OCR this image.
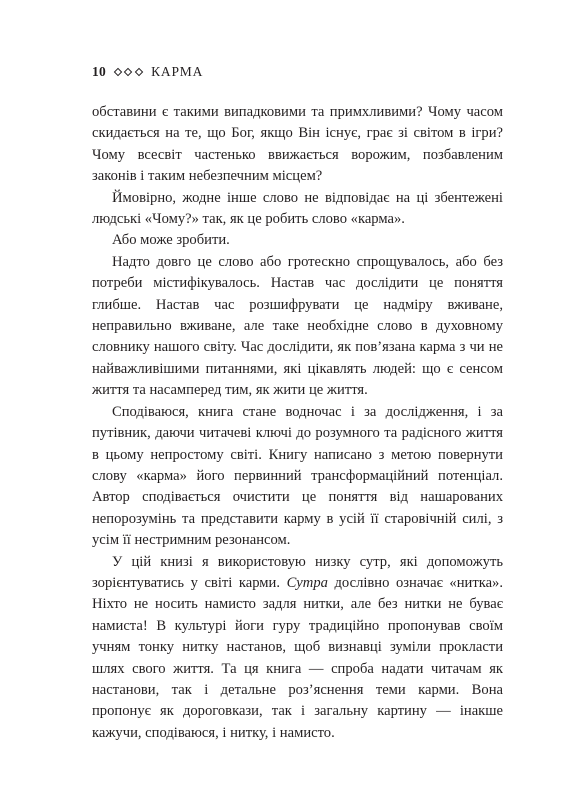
10	КАРМА

обставини є такими випадковими та примхливими? Чому часом скидається на те, що Бог, якщо Він існує, грає зі світом в ігри? Чому всесвіт частенько ввижається ворожим, позбавленим законів і таким небезпечним місцем?

Ймовірно, жодне інше слово не відповідає на ці збентежені людські «Чому?» так, як це робить слово «карма».

Або може зробити.

Надто довго це слово або гротескно спрощувалось, або без потреби містифікувалось. Настав час дослідити це поняття глибше. Настав час розшифрувати це надміру вживане, неправильно вживане, але таке необхідне слово в духовному словнику нашого світу. Час дослідити, як пов’язана карма з чи не найважливішими питаннями, які цікавлять людей: що є сенсом життя та насамперед тим, як жити це життя.

Сподіваюся, книга стане водночас і за дослідження, і за путівник, даючи читачеві ключі до розумного та радісного життя в цьому непростому світі. Книгу написано з метою повернути слову «карма» його первинний трансформаційний потенціал. Автор сподівається очистити це поняття від нашарованих непорозумінь та представити карму в усій її старовічній силі, з усім її нестримним резонансом.

У цій книзі я використовую низку сутр, які допоможуть зорієнтуватись у світі карми. Сутра дослівно означає «нитка». Ніхто не носить намисто задля нитки, але без нитки не буває намиста! В культурі йоги гуру традиційно пропонував своїм учням тонку нитку настанов, щоб визнавці зуміли прокласти шлях свого життя. Та ця книга — спроба надати читачам як настанови, так і детальне роз’яснення теми карми. Вона пропонує як дороговкази, так і загальну картину — інакше кажучи, сподіваюся, і нитку, і намисто.
